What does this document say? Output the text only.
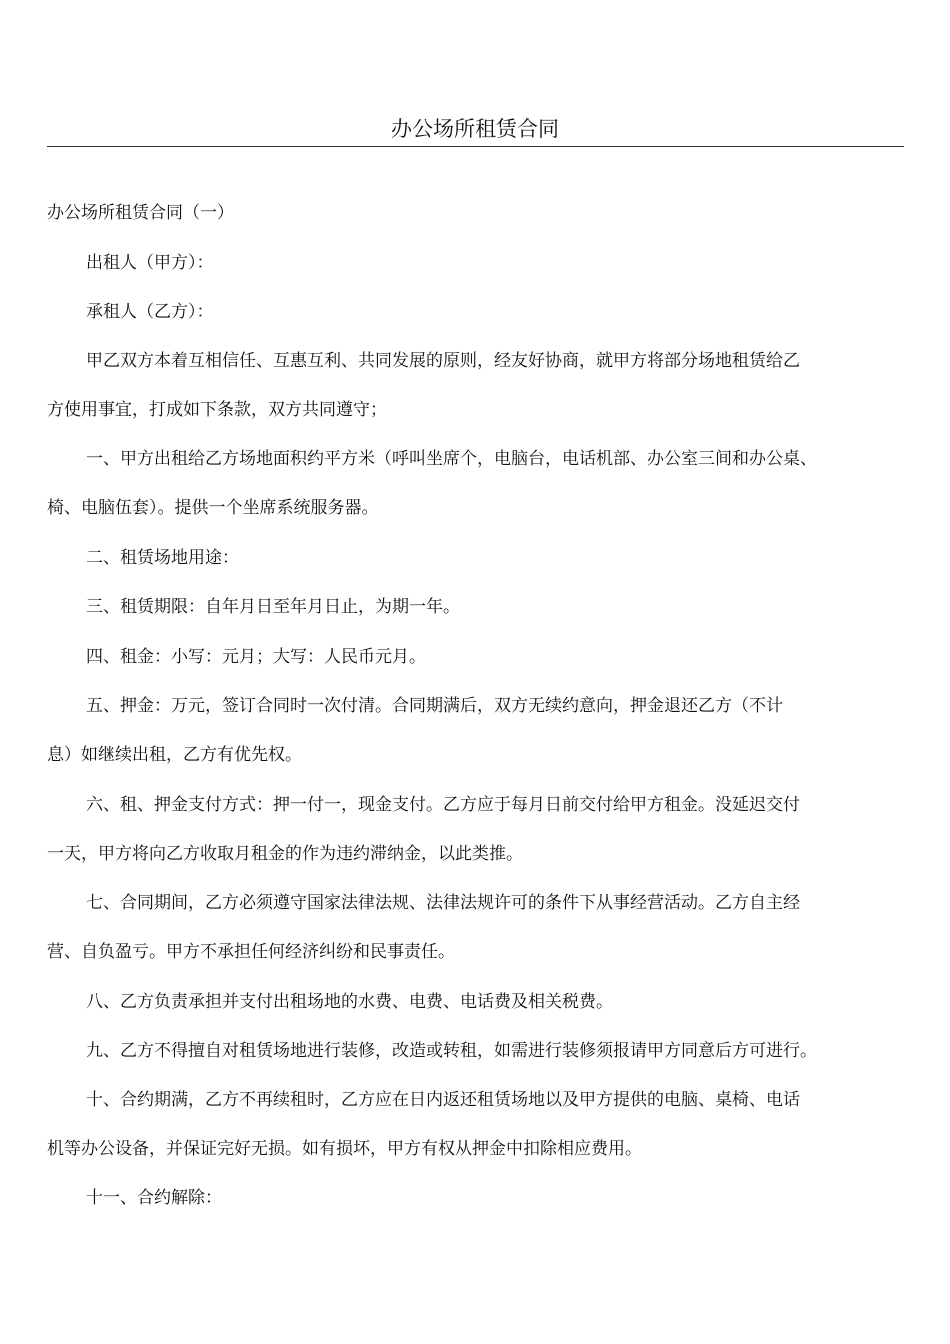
办公场所租赁合同

办公场所租赁合同（一）

出租人（甲方）：

承租人（乙方）：

甲乙双方本着互相信任、互惠互利、共同发展的原则，经友好协商，就甲方将部分场地租赁给乙
方使用事宜，打成如下条款，双方共同遵守；
一、甲方出租给乙方场地面积约平方米（呼叫坐席个，电脑台，电话机部、办公室三间和办公桌、
椅、电脑伍套）。提供一个坐席系统服务器。
二、租赁场地用途：
三、租赁期限：自年月日至年月日止，为期一年。
四、租金：小写：元月；大写：人民币元月。
五、押金：万元，签订合同时一次付清。合同期满后，双方无续约意向，押金退还乙方（不计
息）如继续出租，乙方有优先权。
六、租、押金支付方式：押一付一，现金支付。乙方应于每月日前交付给甲方租金。没延迟交付
一天，甲方将向乙方收取月租金的作为违约滞纳金，以此类推。
七、合同期间，乙方必须遵守国家法律法规、法律法规许可的条件下从事经营活动。乙方自主经
营、自负盈亏。甲方不承担任何经济纠纷和民事责任。
八、乙方负责承担并支付出租场地的水费、电费、电话费及相关税费。
九、乙方不得擅自对租赁场地进行装修，改造或转租，如需进行装修须报请甲方同意后方可进行。
十、合约期满，乙方不再续租时，乙方应在日内返还租赁场地以及甲方提供的电脑、桌椅、电话
机等办公设备，并保证完好无损。如有损坏，甲方有权从押金中扣除相应费用。
十一、合约解除：
